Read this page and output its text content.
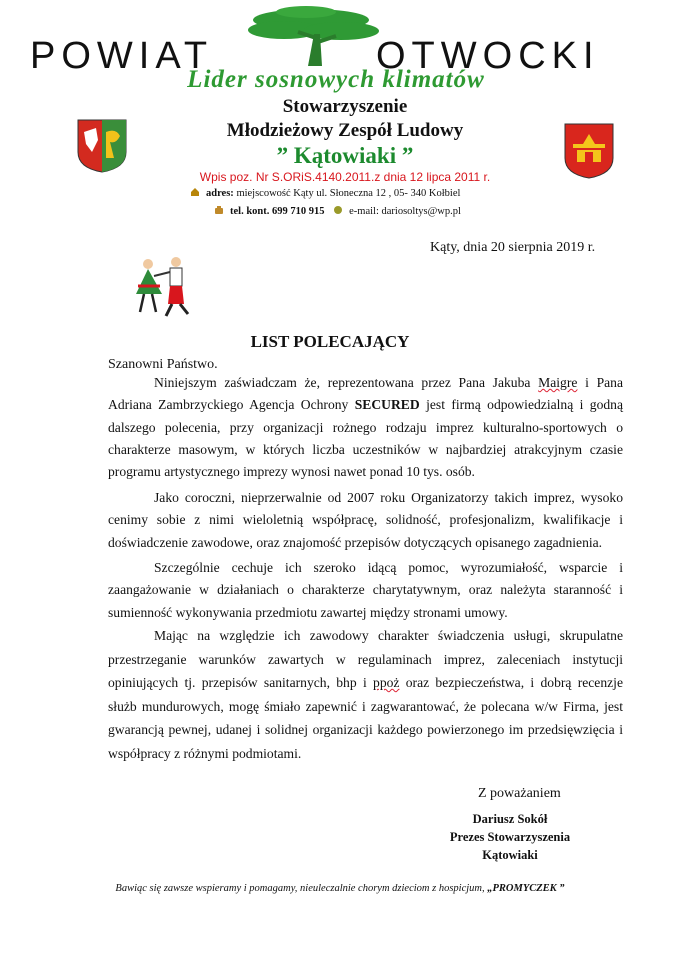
POWIAT	OTWOCKI
Lider sosnowych klimatów
Stowarzyszenie
Młodzieżowy Zespół Ludowy
” Kątowiaki ”
Wpis poz. Nr S.ORiS.4140.2011.z dnia 12 lipca 2011 r.
adres: miejscowość Kąty ul. Słoneczna 12 , 05- 340 Kołbiel
tel. kont. 699 710 915 e-mail: dariosoltys@wp.pl
Kąty, dnia 20 sierpnia 2019 r.
LIST POLECAJĄCY
Szanowni Państwo.
Niniejszym zaświadczam że, reprezentowana przez Pana Jakuba Maigre i Pana Adriana Zambrzyckiego Agencja Ochrony SECURED jest firmą odpowiedzialną i godną dalszego polecenia, przy organizacji rożnego rodzaju imprez kulturalno-sportowych o charakterze masowym, w których liczba uczestników w najbardziej atrakcyjnym czasie programu artystycznego imprezy wynosi nawet ponad 10 tys. osób.
Jako coroczni, nieprzerwalnie od 2007 roku Organizatorzy takich imprez, wysoko cenimy sobie z nimi wieloletnią współpracę, solidność, profesjonalizm, kwalifikacje i doświadczenie zawodowe, oraz znajomość przepisów dotyczących opisanego zagadnienia.
Szczególnie cechuje ich szeroko idącą pomoc, wyrozumiałość, wsparcie i zaangażowanie w działaniach o charakterze charytatywnym, oraz należyta staranność i sumienność wykonywania przedmiotu zawartej między stronami umowy.
Mając na względzie ich zawodowy charakter świadczenia usługi, skrupulatne przestrzeganie warunków zawartych w regulaminach imprez, zaleceniach instytucji opiniujących tj. przepisów sanitarnych, bhp i ppoż oraz bezpieczeństwa, i dobrą recenzje służb mundurowych, mogę śmiało zapewnić i zagwarantować, że polecana w/w Firma, jest gwarancją pewnej, udanej i solidnej organizacji każdego powierzonego im przedsięwzięcia i współpracy z różnymi podmiotami.
Z poważaniem
Dariusz Sokół
Prezes Stowarzyszenia
Kątowiaki
Bawiąc się zawsze wspieramy i pomagamy, nieuleczalnie chorym dzieciom z hospicjum, „PROMYCZEK ”
